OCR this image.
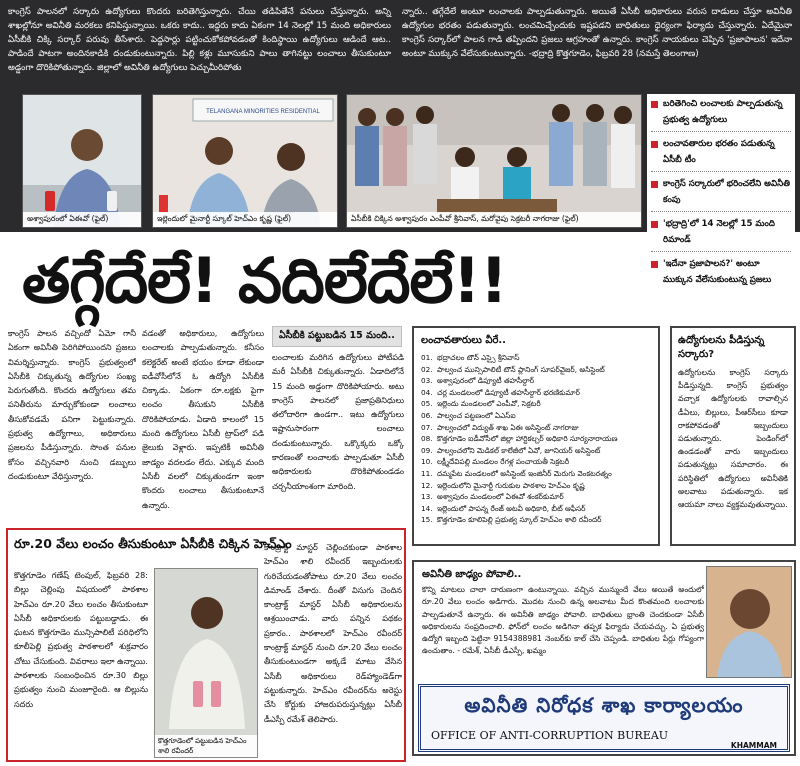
కాంగ్రెస్ పాలనలో సర్కారు ఉద్యోగులు కొందరు బరితెగిస్తున్నారు. చేయి తడిపితేనే పనులు చేస్తున్నారు. అన్ని శాఖల్లోనూ అవినీతి మరకలు కనిపిస్తున్నాయి. ఒకరు కాదు.. ఇద్దరు కాదు ఏకంగా 14 నెలల్లో 15 మంది అధికారులు ఏసీబీకి చిక్కి సర్కార్ పరువు తీసేశారు. పెద్దసార్లు పట్టించుకోకపోవడంతో కిందిస్థాయి ఉద్యోగులు ఆడిందే ఆట.. పాడిందే పాటగా అందినకాడికి దండుకుంటున్నారు. పిల్లి కళ్లు మూసుకుని పాలు తాగినట్టు లంచాలు తీసుకుంటూ అడ్డంగా దొరికిపోతున్నారు. జిల్లాలో అవినీతి ఉద్యోగులు పెచ్చుమీరిపోతు

న్నారు.. తగ్గేదేలే అంటూ లంచాలకు పాల్పడుతున్నారు. అయితే ఏసీబీ అధికారులు వరుస దాడులు చేస్తూ అవినీతి ఉద్యోగుల భరతం పడుతున్నారు. లంచమిచ్చేందుకు ఇష్టపడని బాధితులు ధైర్యంగా ఫిర్యాదు చేస్తున్నారు. ఏదేమైనా కాంగ్రెస్ సర్కార్‌లో పాలన గాడి తప్పిందని ప్రజలు ఆగ్రహంతో ఉన్నారు. కాంగ్రెస్ నాయకులు చెప్పిన 'ప్రజాపాలన' ఇదేనా అంటూ ముక్కున వేలేసుకుంటున్నారు. -భద్రాద్రి కొత్తగూడెం, ఫిబ్రవరి 28 (నమస్తే తెలంగాణ)

అశ్వాపురంలో ఏఈవో (ఫైల్)
TELANGANA MINORITIES RESIDENTIAL
ఇల్లెందులో మైనార్టీ స్కూల్ హెచ్‌ఎం కృష్ణ (ఫైల్)	ఏసీబీకి చిక్కిన అశ్వాపురం ఎంపీవో శ్రీనివాస్, మరోవైపు సెక్రటరీ నాగరాజు (ఫైల్)
బరితెగించి లంచాలకు పాల్పడుతున్న ప్రభుత్వ ఉద్యోగులు
లంచావతారుల భరతం పడుతున్న ఏసీబీ టీం
కాంగ్రెస్ సర్కారులో భరించలేని అవినీతి కంపు
'భద్రాద్రి'లో 14 నెలల్లో 15 మంది రిమాండ్
'ఇదేనా ప్రజాపాలన?' అంటూ ముక్కున వేలేసుకుంటున్న ప్రజలు
తగ్గేదేలే! వదిలేదేలే!!

కాంగ్రెస్ పాలన వచ్చిందో ఏమో గానీ ఏకంగా అవినీతి పెరిగిపోయిందని ప్రజలు విమర్శిస్తున్నారు. కాంగ్రెస్ ప్రభుత్వంలో ఏసీబీకి చిక్కుతున్న ఉద్యోగుల సంఖ్య పెరుగుతోంది. కొందరు ఉద్యోగులు తమ పనితీరును మార్చుకోకుండా లంచాలు తీసుకోవడమే పనిగా పెట్టుకున్నారు. ప్రభుత్వ ఉద్యోగాలు, అధికారులు ప్రజలను పీడిస్తున్నారు. సొంత పనుల కోసం వచ్చినవారి నుంచి డబ్బులు దండుకుంటూ వేధిస్తున్నారు.

వడంతో అధికారులు, ఉద్యోగులు లంచాలకు పాల్పడుతున్నారు. కనీసం కలెక్టరేట్ అంటే భయం కూడా లేకుండా ఐడీవోసీలోనే ఓ ఉద్యోగి ఏసీబీకి చిక్కాడు. ఏకంగా రూ.లక్షకు పైగా లంచం తీసుకుని ఏసీబీకి దొరికిపోయాడు. ఏడాది కాలంలో 15 మంది ఉద్యోగులు ఏసీబీ ట్రాప్‌లో పడి జైలుకు వెళ్లారు. ఇప్పటికీ అవినీతి జాడ్యం వదలడం లేదు. ఎక్కువ మంది ఏసీబీ వలలో చిక్కుతుండగా ఇంకా కొందరు లంచాలు తీసుకుంటూనే ఉన్నారు.

ఏసీబీకి పట్టుబడిన 15 మంది..

లంచాలకు మరిగిన ఉద్యోగులు పోటీపడి మరీ ఏసీబీకి చిక్కుతున్నారు. ఏడాదిలోనే 15 మంది అడ్డంగా దొరికిపోయారు. అటు కాంగ్రెస్ పాలనలో ప్రజాప్రతినిధులు తలోదారిగా ఉండగా.. ఇటు ఉద్యోగులు ఇష్టానుసారంగా లంచాలు దండుకుంటున్నారు. ఒక్కొక్కరు ఒక్కో కారణంతో లంచాలకు పాల్పడుతూ ఏసీబీ అధికారులకు దొరికిపోతుండడం చర్చనీయాంశంగా మారింది.

లంచావతారులు వీరే..
01. భద్రాచలం టౌన్ ఎస్సై శ్రీనివాస్
02. పాల్వంచ మున్సిపాలిటీ టౌన్ ప్లానింగ్ సూపర్‌వైజర్, అసిస్టెంట్
03. అశ్వాపురంలో డిప్యూటీ తహసీల్దార్
04. చర్ల మండలంలో డిప్యూటీ తహసీల్దార్ భరణికుమార్
05. ఇల్లెందు మండలంలో ఎంపీవో, సెక్రటరీ
06. పాల్వంచ పట్టణంలో ఏఎస్ఐ
07. పాల్వంచలో విద్యుత్ శాఖ ఏఈ అసిస్టెంట్ నాగరాజు
08. కొత్తగూడెం ఐడీవోసీలో జిల్లా హార్టికల్చర్ అధికారి సూర్యనారాయణ
09. పాల్వంచలోని మెడికల్ కాలేజీలో ఏవో, జూనియర్ అసిస్టెంట్
10. లక్ష్మీదేవిపల్లి మండలం రేగళ్ల పంచాయతీ సెక్రటరీ
11. దమ్మపేట మండలంలో అసిస్టెంట్ ఇంజినీర్ మెరుగు వెంకటరత్నం
12. ఇల్లెందులోని మైనార్టీ గురుకుల పాఠశాల హెచ్‌ఎం కృష్ణ
13. అశ్వాపురం మండలంలో ఏఈవో శంకర్‌కుమార్
14. ఇల్లెందులో పాపన్న రేంజ్ అటవీ అధికారి, బీట్ ఆఫీసర్
15. కొత్తగూడెం కూలిపెల్లి ప్రభుత్వ స్కూల్ హెచ్‌ఎం శాలి రవీందర్
ఉద్యోగులను పీడిస్తున్న సర్కారు?

ఉద్యోగులను కాంగ్రెస్ సర్కారు పీడిస్తున్నది. కాంగ్రెస్ ప్రభుత్వం వచ్చాక ఉద్యోగులకు రావాల్సిన డీఏలు, బిల్లులు, పీఆర్‌సీలు కూడా రాకపోవడంతో ఇబ్బందులు పడుతున్నారు. పెండింగ్‌లో ఉండడంతో వారు ఇబ్బందులు పడుతున్నట్లు సమాచారం. ఈ పరిస్థితిలో ఉద్యోగులు అవినీతికి అలవాటు పడుతున్నారు. ఇక ఆయమా నాలు వ్యక్తమవుతున్నాయి.

రూ.20 వేలు లంచం తీసుకుంటూ ఏసీబీకి చిక్కిన హెచ్‌ఎం

కొత్తగూడెం గణేష్ టెంపుల్, ఫిబ్రవరి 28: బిల్లు చెల్లింపు విషయంలో పాఠశాల హెచ్‌ఎం రూ.20 వేలు లంచం తీసుకుంటూ ఏసీబీ అధికారులకు పట్టుబడ్డాడు. ఈ ఘటన కొత్తగూడెం మున్సిపాలిటీ పరిధిలోని కూలీపెల్లి ప్రభుత్వ పాఠశాలలో శుక్రవారం చోటు చేసుకుంది. వివరాలు ఇలా ఉన్నాయి. పాఠశాలకు సంబంధించిన రూ.30 బిల్లు ప్రభుత్వం నుంచి మంజూరైంది. ఆ బిల్లును సదరు

కొత్తగూడెంలో పట్టుబడిన హెచ్‌ఎం శాలి రవీందర్

కాంట్రాక్ట్ మాస్టర్ చెల్లించకుండా పాఠశాల హెచ్‌ఎం శాలి రవీందర్ ఇబ్బందులకు గురిచేయడంతోపాటు రూ.20 వేలు లంచం డిమాండ్ చేశారు. దీంతో విసుగు చెందిన కాంట్రాక్ట్ మాస్టర్ ఏసీబీ అధికారులను ఆశ్రయించాడు. వారు పన్నిన పథకం ప్రకారం.. పాఠశాలలో హెచ్‌ఎం రవీందర్ కాంట్రాక్ట్ మాస్టర్ నుంచి రూ.20 వేలు లంచం తీసుకుంటుండగా అక్కడే మాటు వేసిన ఏసీబీ అధికారులు రెడ్‌హ్యాండెడ్‌గా పట్టుకున్నారు. హెచ్‌ఎం రవీందర్‌ను అరెస్టు చేసి కోర్టుకు హాజరుపరుస్తున్నట్లు ఏసీబీ డీఎస్పీ రమేశ్ తెలిపారు.

అవినీతి జాఢ్యం పోవాలి..

కొన్ని మాటలు చాలా దారుణంగా ఉంటున్నాయి. వచ్చిన మున్ముందే వేలు అయితే అందులో రూ.20 వేలు లంచం అడిగారు. మొదట నుంచి ఉన్న అలవాటు మీద కొంతమంది లంచాలకు పాల్పడుతూనే ఉన్నారు. ఈ అవినీతి జాఢ్యం పోవాలి. బాధితులు భ్రాంతి చెందకుండా ఏసీబీ అధికారులను సంప్రదించాలి. ఫోన్‌లో లంచం అడిగినా తప్పక ఫిర్యాదు చేయవచ్చు. ఏ ప్రభుత్వ ఉద్యోగి ఇబ్బంది పెట్టినా 9154388981 నెంబర్‌కు కాల్ చేసి చెప్పండి. బాధితుల పేర్లు గోప్యంగా ఉంచుతాం. - రమేశ్, ఏసీబీ డీఎస్పీ, ఖమ్మం

అవినీతి నిరోధక శాఖ కార్యాలయం
OFFICE OF ANTI-CORRUPTION BUREAU
KHAMMAM
